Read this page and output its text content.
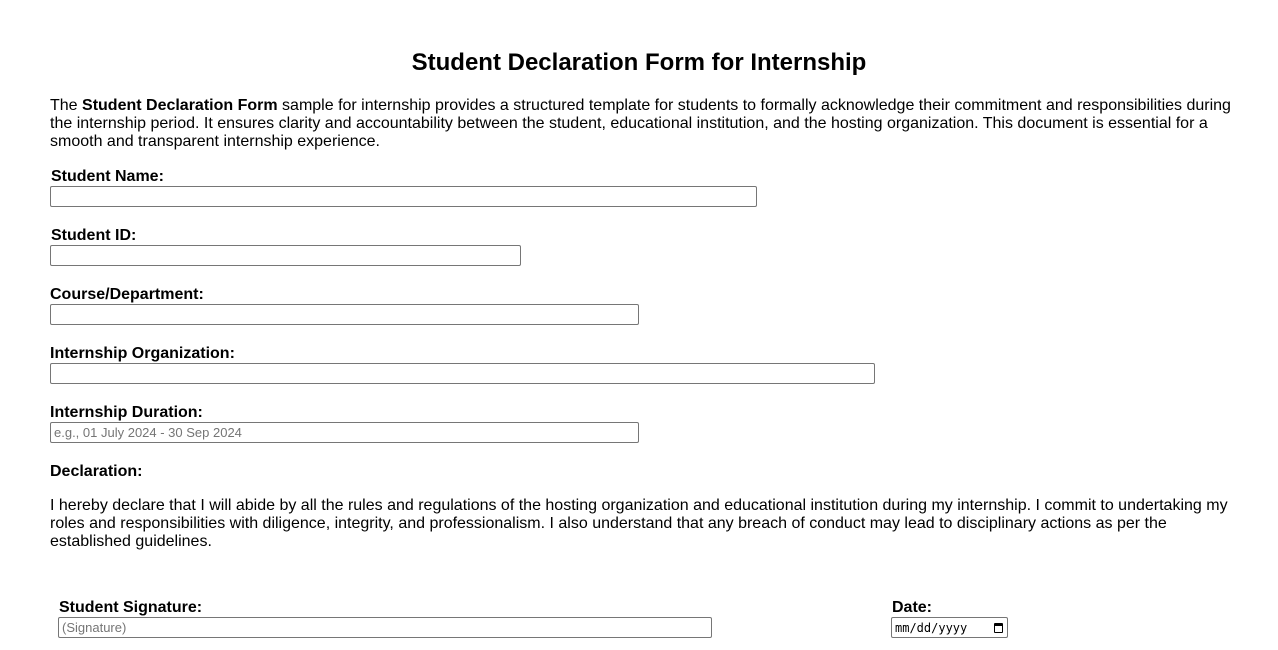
Student Declaration Form for Internship

The Student Declaration Form sample for internship provides a structured template for students to formally acknowledge their commitment and responsibilities during the internship period. It ensures clarity and accountability between the student, educational institution, and the hosting organization. This document is essential for a smooth and transparent internship experience.

Student Name:
Student ID:
Course/Department:
Internship Organization:
Internship Duration:
e.g., 01 July 2024 - 30 Sep 2024
Declaration:

I hereby declare that I will abide by all the rules and regulations of the hosting organization and educational institution during my internship. I commit to undertaking my roles and responsibilities with diligence, integrity, and professionalism. I also understand that any breach of conduct may lead to disciplinary actions as per the established guidelines.

Student Signature:
(Signature)	Date:
mm/dd/yyyy
